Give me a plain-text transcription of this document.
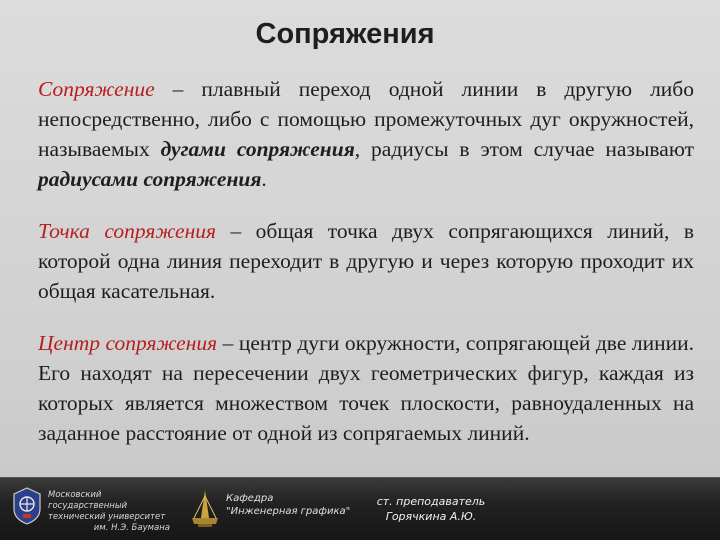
Сопряжения
Сопряжение – плавный переход одной линии в другую либо непосредственно, либо с помощью промежуточных дуг окружностей, называемых дугами сопряжения, радиусы в этом случае называют радиусами сопряжения.
Точка сопряжения – общая точка двух сопрягающихся линий, в которой одна линия переходит в другую и через которую проходит их общая касательная.
Центр сопряжения – центр дуги окружности, сопрягающей две линии. Его находят на пересечении двух геометрических фигур, каждая из которых является множеством точек плоскости, равноудаленных на заданное расстояние от одной из сопрягаемых линий.
Московский государственный
технический университет
им. Н.Э. Баумана
Кафедра
"Инженерная графика"
ст. преподаватель
Горячкина А.Ю.
